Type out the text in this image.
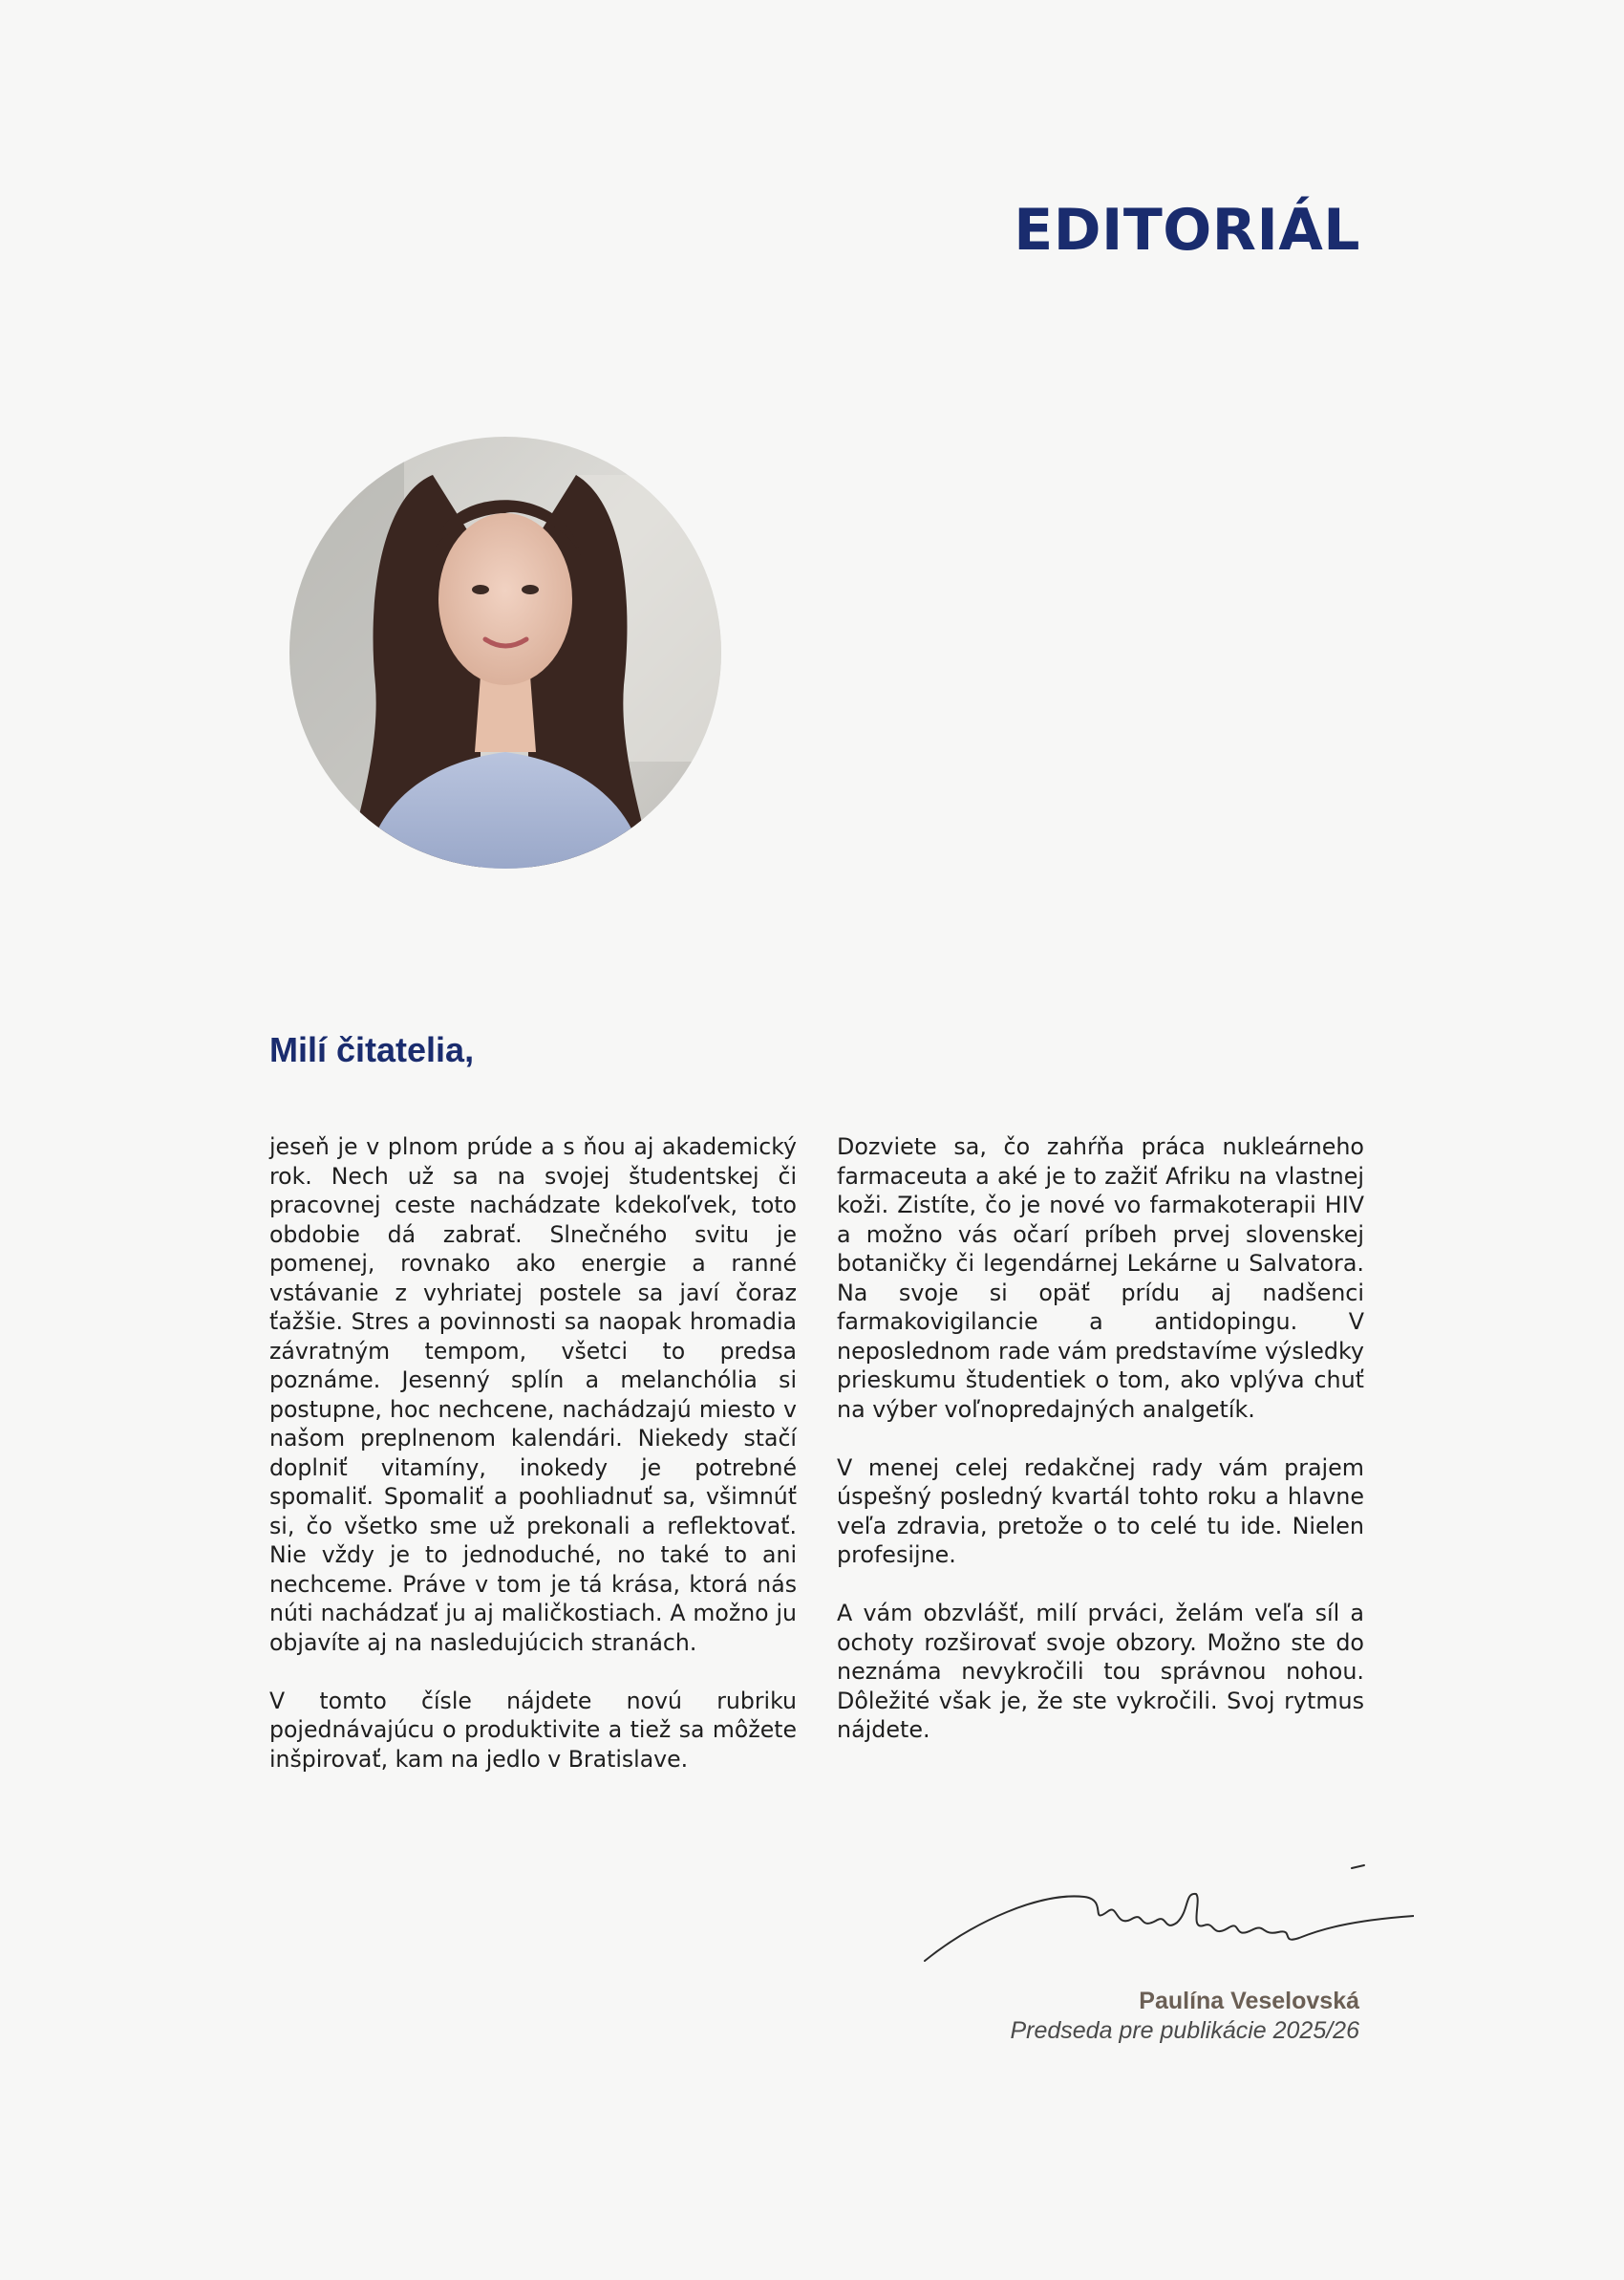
EDITORIÁL
Milí čitatelia,

jeseň je v plnom prúde a s ňou aj akademický rok. Nech už sa na svojej študentskej či pracovnej ceste nachádzate kdekoľvek, toto obdobie dá zabrať. Slnečného svitu je pomenej, rovnako ako energie a ranné vstávanie z vyhriatej postele sa javí čoraz ťažšie. Stres a povinnosti sa naopak hromadia závratným tempom, všetci to predsa poznáme. Jesenný splín a melanchólia si postupne, hoc nechcene, nachádzajú miesto v našom preplnenom kalendári. Niekedy stačí doplniť vitamíny, inokedy je potrebné spomaliť. Spomaliť a poohliadnuť sa, všimnúť si, čo všetko sme už prekonali a reflektovať. Nie vždy je to jednoduché, no také to ani nechceme. Práve v tom je tá krása, ktorá nás núti nachádzať ju aj maličkostiach. A možno ju objavíte aj na nasledujúcich stranách.

V tomto čísle nájdete novú rubriku pojednávajúcu o produktivite a tiež sa môžete inšpirovať, kam na jedlo v Bratislave.

Dozviete sa, čo zahŕňa práca nukleárneho farmaceuta a aké je to zažiť Afriku na vlastnej koži. Zistíte, čo je nové vo farmakoterapii HIV a možno vás očarí príbeh prvej slovenskej botaničky či legendárnej Lekárne u Salvatora. Na svoje si opäť prídu aj nadšenci farmakovigilancie a antidopingu. V neposlednom rade vám predstavíme výsledky prieskumu študentiek o tom, ako vplýva chuť na výber voľnopredajných analgetík.

V menej celej redakčnej rady vám prajem úspešný posledný kvartál tohto roku a hlavne veľa zdravia, pretože o to celé tu ide. Nielen profesijne.

A vám obzvlášť, milí prváci, želám veľa síl a ochoty rozširovať svoje obzory. Možno ste do neznáma nevykročili tou správnou nohou. Dôležité však je, že ste vykročili. Svoj rytmus nájdete.

Paulína Veselovská

Predseda pre publikácie 2025/26
